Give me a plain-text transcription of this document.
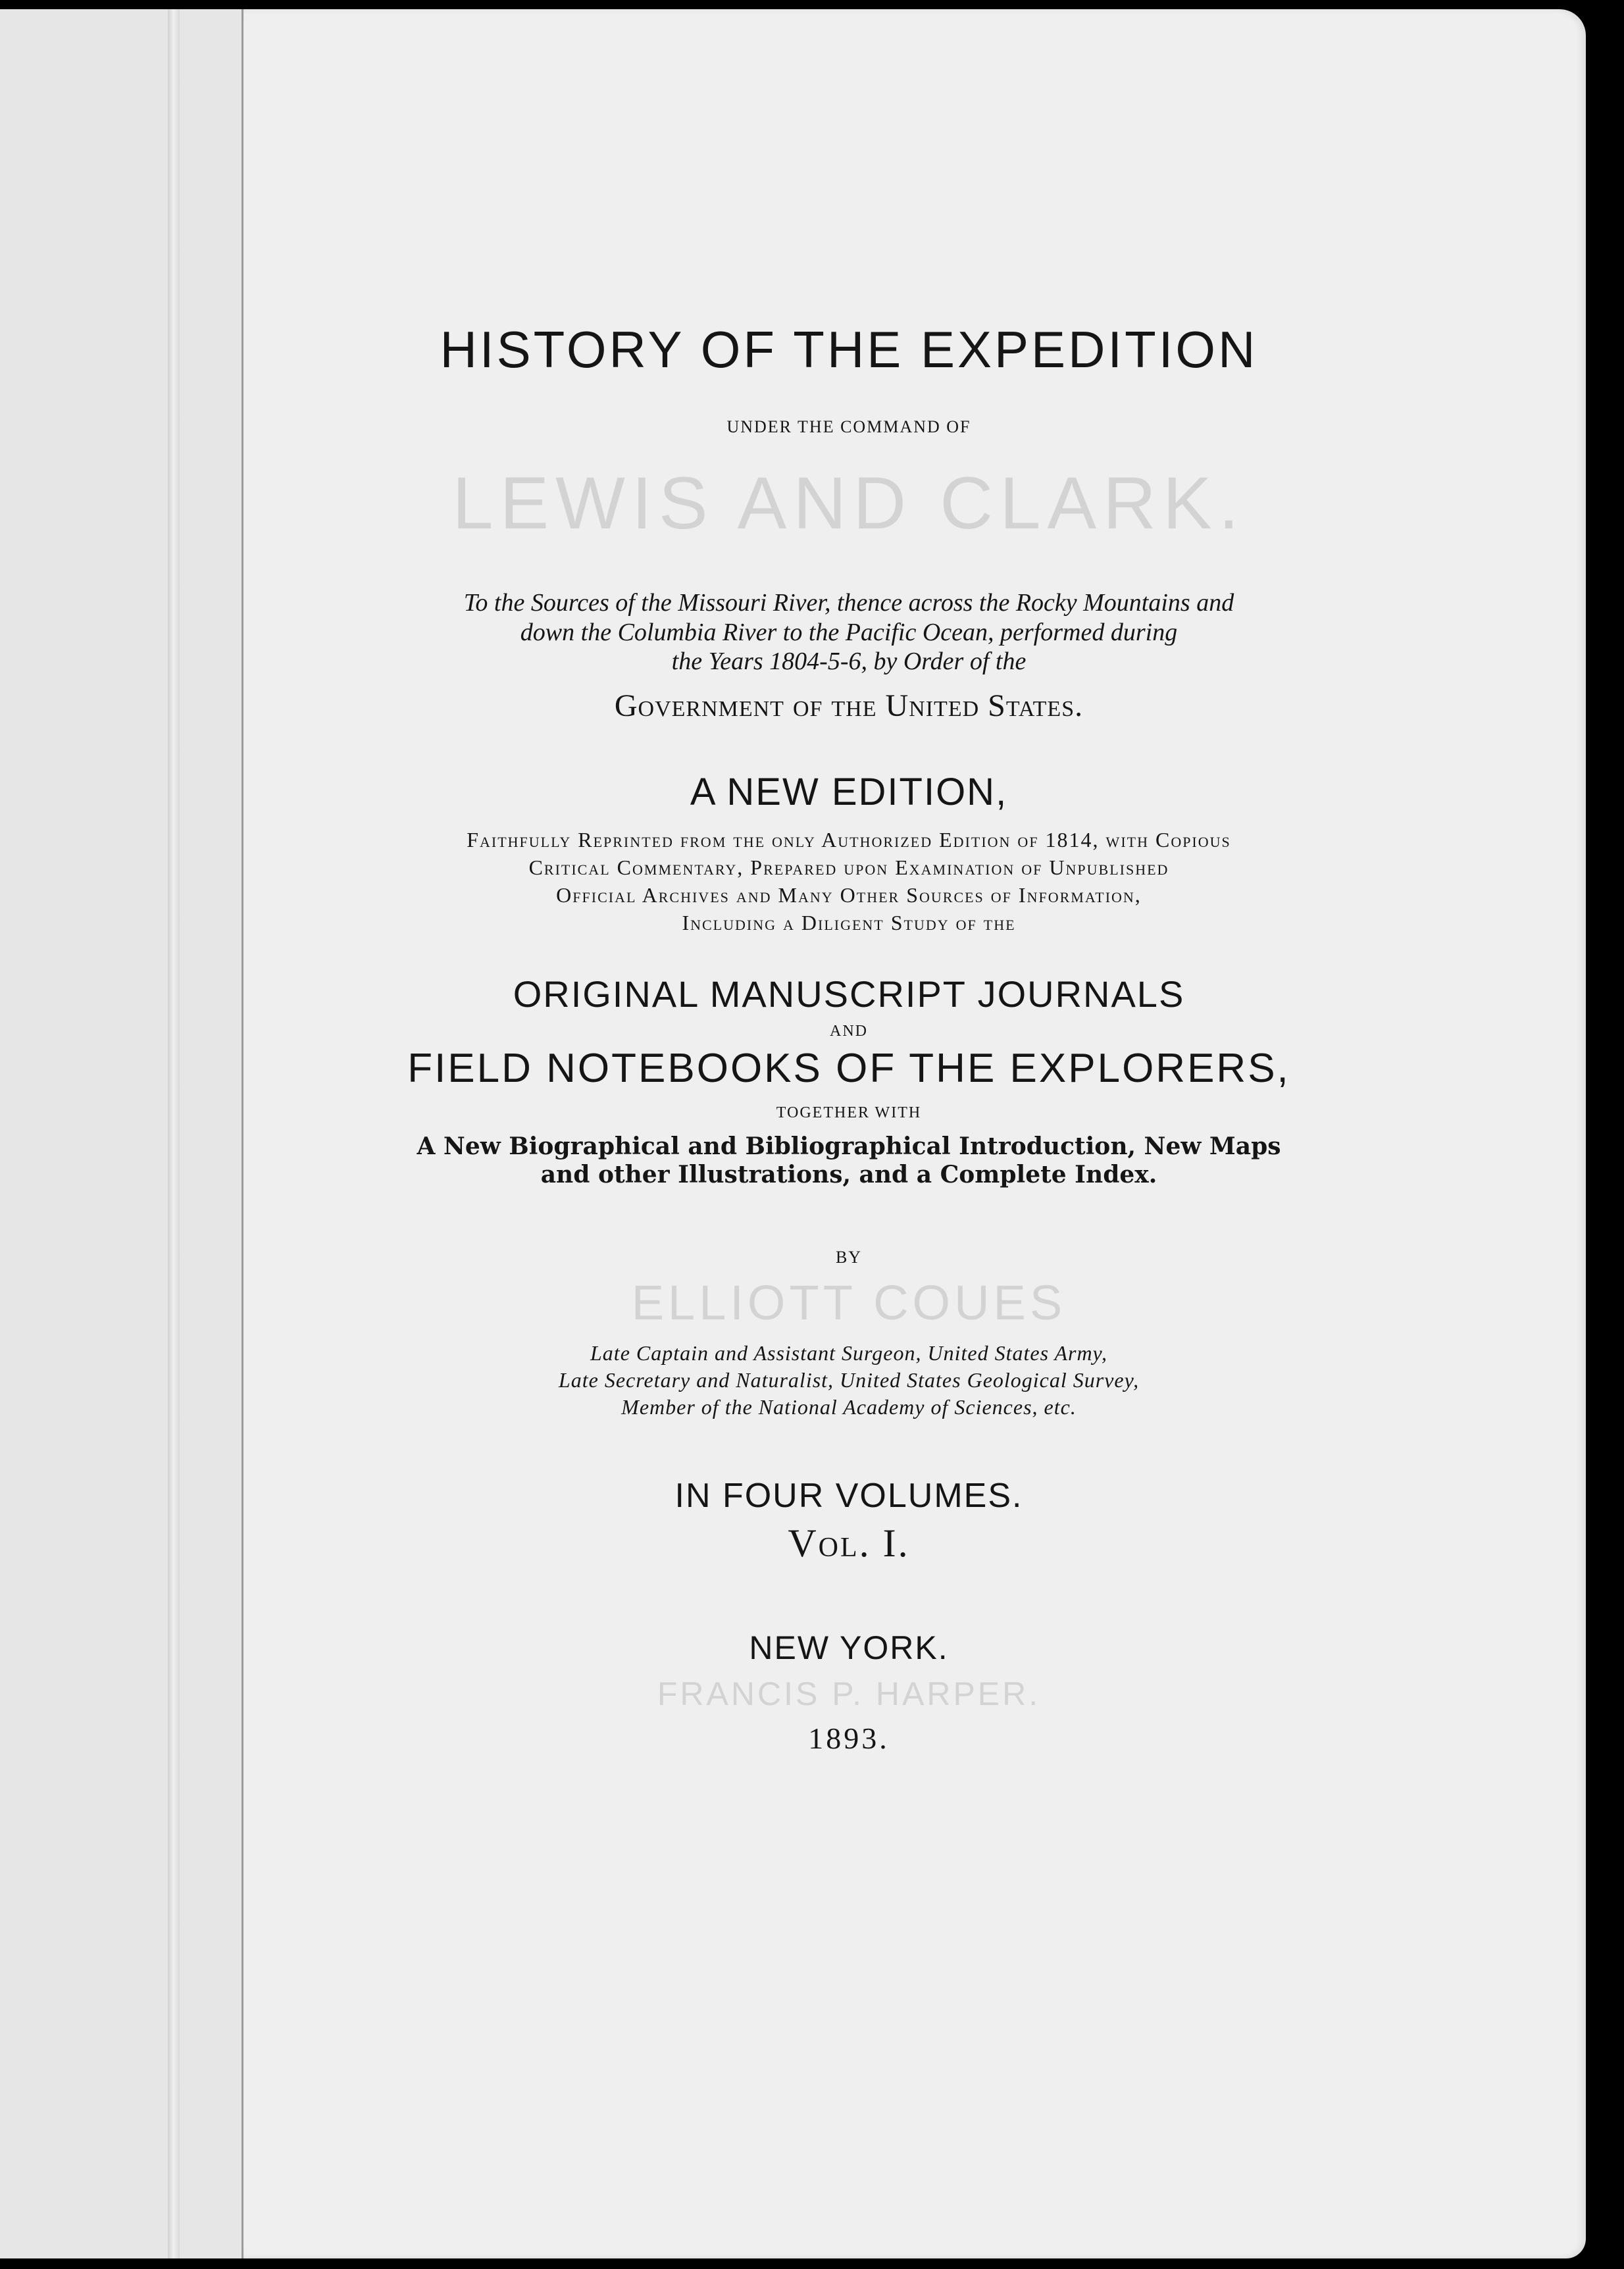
HISTORY OF THE EXPEDITION

UNDER THE COMMAND OF

LEWIS AND CLARK.

To the Sources of the Missouri River, thence across the Rocky Mountains and

down the Columbia River to the Pacific Ocean, performed during

the Years 1804-5-6, by Order of the

Government of the United States.

A NEW EDITION,

Faithfully Reprinted from the only Authorized Edition of 1814, with Copious

Critical Commentary, Prepared upon Examination of Unpublished

Official Archives and Many Other Sources of Information,

Including a Diligent Study of the

ORIGINAL MANUSCRIPT JOURNALS

AND

FIELD NOTEBOOKS OF THE EXPLORERS,

TOGETHER WITH

A New Biographical and Bibliographical Introduction, New Maps

and other Illustrations, and a Complete Index.

BY

ELLIOTT COUES

Late Captain and Assistant Surgeon, United States Army,

Late Secretary and Naturalist, United States Geological Survey,

Member of the National Academy of Sciences, etc.

IN FOUR VOLUMES.

Vol. I.

NEW YORK.

FRANCIS P. HARPER.

1893.
